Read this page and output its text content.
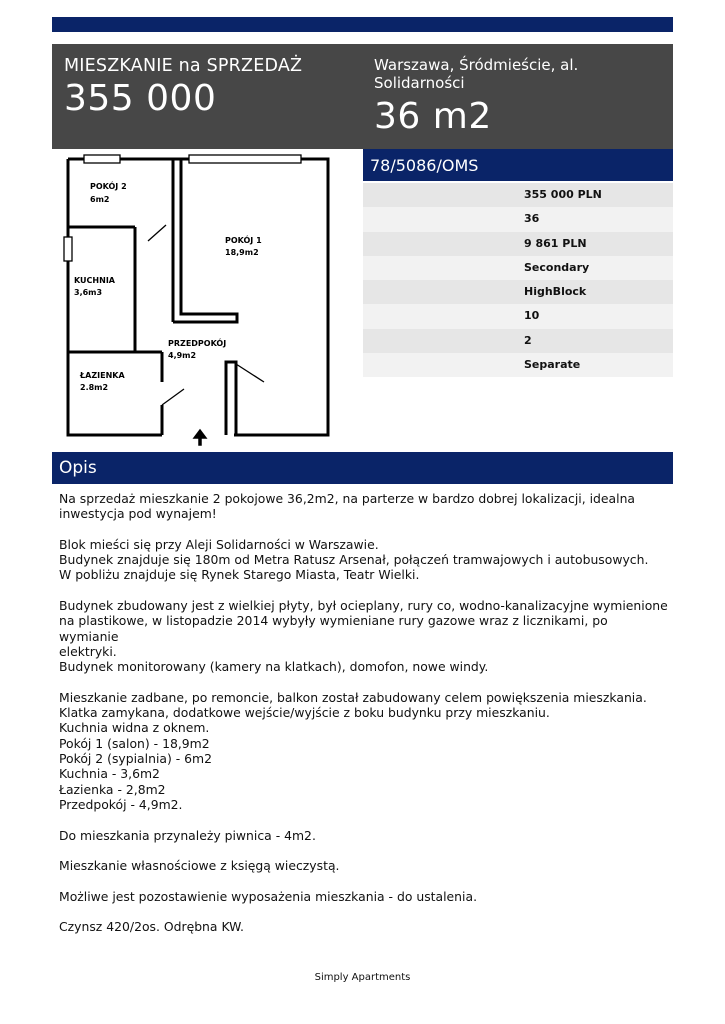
MIESZKANIE na SPRZEDAŻ
355 000
Warszawa, Śródmieście, al. Solidarności
36 m2
POKÓJ 2
6m2
POKÓJ 1
18,9m2
KUCHNIA
3,6m3
PRZEDPOKÓJ
4,9m2
ŁAZIENKA
2.8m2
78/5086/OMS
355 000 PLN
36
9 861 PLN
Secondary
HighBlock
10
2
Separate
Opis

Na sprzedaż mieszkanie 2 pokojowe 36,2m2, na parterze w bardzo dobrej lokalizacji, idealna
inwestycja pod wynajem!

Blok mieści się przy Aleji Solidarności w Warszawie.
Budynek znajduje się 180m od Metra Ratusz Arsenał, połączeń tramwajowych i autobusowych.
W pobliżu znajduje się Rynek Starego Miasta, Teatr Wielki.

Budynek zbudowany jest z wielkiej płyty, był ocieplany, rury co, wodno-kanalizacyjne wymienione
na plastikowe, w listopadzie 2014 wybyły wymieniane rury gazowe wraz z licznikami, po wymianie
elektryki.
Budynek monitorowany (kamery na klatkach), domofon, nowe windy.

Mieszkanie zadbane, po remoncie, balkon został zabudowany celem powiększenia mieszkania.
Klatka zamykana, dodatkowe wejście/wyjście z boku budynku przy mieszkaniu.
Kuchnia widna z oknem.
Pokój 1 (salon) - 18,9m2
Pokój 2 (sypialnia) - 6m2
Kuchnia - 3,6m2
Łazienka - 2,8m2
Przedpokój - 4,9m2.

Do mieszkania przynależy piwnica - 4m2.

Mieszkanie własnościowe z księgą wieczystą.

Możliwe jest pozostawienie wyposażenia mieszkania - do ustalenia.

Czynsz 420/2os. Odrębna KW.

Simply Apartments
